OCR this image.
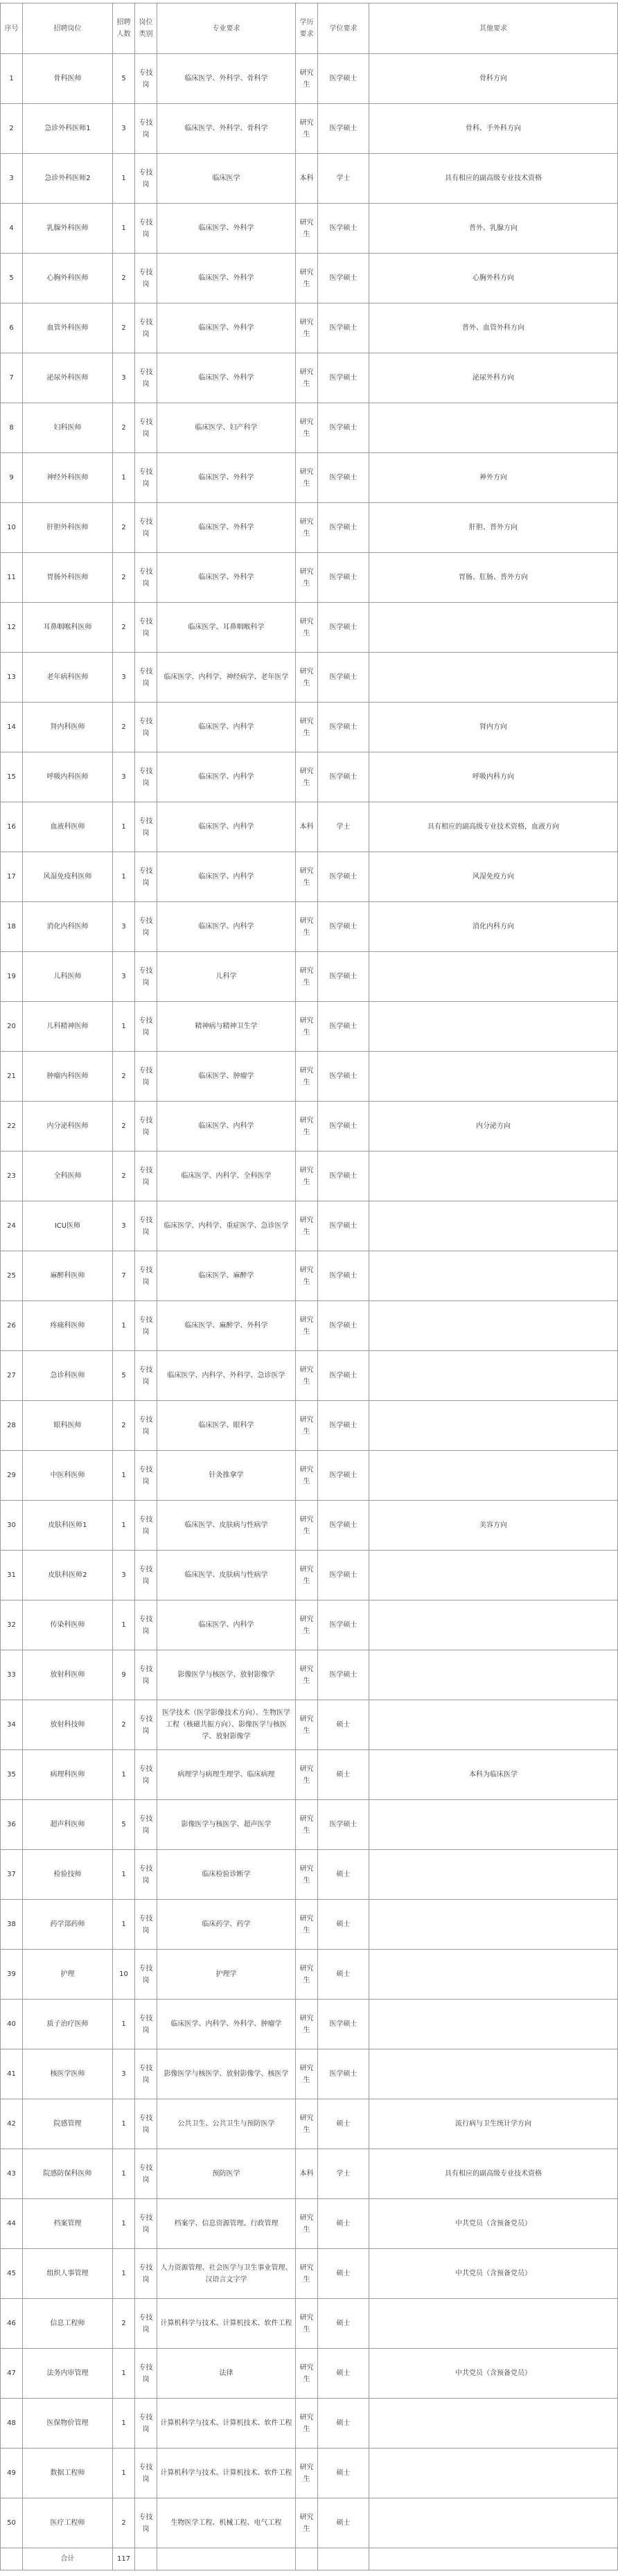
序号	招聘岗位	招聘人数	岗位类别	专业要求	学历要求	学位要求	其他要求
1	骨科医师	5	专技岗	临床医学、外科学、骨科学	研究生	医学硕士	骨科方向
2	急诊外科医师1	3	专技岗	临床医学、外科学、骨科学	研究生	医学硕士	骨科、手外科方向
3	急诊外科医师2	1	专技岗	临床医学	本科	学士	具有相应的副高级专业技术资格
4	乳腺外科医师	1	专技岗	临床医学、外科学	研究生	医学硕士	普外、乳腺方向
5	心胸外科医师	2	专技岗	临床医学、外科学	研究生	医学硕士	心胸外科方向
6	血管外科医师	2	专技岗	临床医学、外科学	研究生	医学硕士	普外、血管外科方向
7	泌尿外科医师	3	专技岗	临床医学、外科学	研究生	医学硕士	泌尿外科方向
8	妇科医师	2	专技岗	临床医学、妇产科学	研究生	医学硕士	
9	神经外科医师	1	专技岗	临床医学、外科学	研究生	医学硕士	神外方向
10	肝胆外科医师	2	专技岗	临床医学、外科学	研究生	医学硕士	肝胆、普外方向
11	胃肠外科医师	2	专技岗	临床医学、外科学	研究生	医学硕士	胃肠、肛肠、普外方向
12	耳鼻咽喉科医师	2	专技岗	临床医学、耳鼻咽喉科学	研究生	医学硕士	
13	老年病科医师	3	专技岗	临床医学、内科学、神经病学、老年医学	研究生	医学硕士	
14	肾内科医师	2	专技岗	临床医学、内科学	研究生	医学硕士	肾内方向
15	呼吸内科医师	3	专技岗	临床医学、内科学	研究生	医学硕士	呼吸内科方向
16	血液科医师	1	专技岗	临床医学、内科学	本科	学士	具有相应的副高级专业技术资格，血液方向
17	风湿免疫科医师	1	专技岗	临床医学、内科学	研究生	医学硕士	风湿免疫方向
18	消化内科医师	3	专技岗	临床医学、内科学	研究生	医学硕士	消化内科方向
19	儿科医师	3	专技岗	儿科学	研究生	医学硕士	
20	儿科精神医师	1	专技岗	精神病与精神卫生学	研究生	医学硕士	
21	肿瘤内科医师	2	专技岗	临床医学、肿瘤学	研究生	医学硕士	
22	内分泌科医师	2	专技岗	临床医学、内科学	研究生	医学硕士	内分泌方向
23	全科医师	2	专技岗	临床医学、内科学、全科医学	研究生	医学硕士	
24	ICU医师	3	专技岗	临床医学、内科学、重症医学、急诊医学	研究生	医学硕士	
25	麻醉科医师	7	专技岗	临床医学、麻醉学	研究生	医学硕士	
26	疼痛科医师	1	专技岗	临床医学、麻醉学、外科学	研究生	医学硕士	
27	急诊科医师	5	专技岗	临床医学、内科学、外科学、急诊医学	研究生	医学硕士	
28	眼科医师	2	专技岗	临床医学、眼科学	研究生	医学硕士	
29	中医科医师	1	专技岗	针灸推拿学	研究生	医学硕士	
30	皮肤科医师1	1	专技岗	临床医学、皮肤病与性病学	研究生	医学硕士	美容方向
31	皮肤科医师2	3	专技岗	临床医学、皮肤病与性病学	研究生	医学硕士	
32	传染科医师	1	专技岗	临床医学、内科学	研究生	医学硕士	
33	放射科医师	9	专技岗	影像医学与核医学、放射影像学	研究生	医学硕士	
34	放射科技师	2	专技岗	医学技术（医学影像技术方向）、生物医学工程（核磁共振方向）、影像医学与核医学、放射影像学	研究生	硕士	
35	病理科医师	1	专技岗	病理学与病理生理学、临床病理	研究生	硕士	本科为临床医学
36	超声科医师	5	专技岗	影像医学与核医学、超声医学	研究生	医学硕士	
37	检验技师	1	专技岗	临床检验诊断学	研究生	硕士	
38	药学部药师	1	专技岗	临床药学、药学	研究生	硕士	
39	护理	10	专技岗	护理学	研究生	硕士	
40	质子治疗医师	1	专技岗	临床医学、内科学、外科学、肿瘤学	研究生	医学硕士	
41	核医学医师	3	专技岗	影像医学与核医学、放射影像学、核医学	研究生	医学硕士	
42	院感管理	1	专技岗	公共卫生、公共卫生与预防医学	研究生	硕士	流行病与卫生统计学方向
43	院感防保科医师	1	专技岗	预防医学	本科	学士	具有相应的副高级专业技术资格
44	档案管理	1	专技岗	档案学、信息资源管理、行政管理	研究生	硕士	中共党员（含预备党员）
45	组织人事管理	1	专技岗	人力资源管理、社会医学与卫生事业管理、汉语言文字学	研究生	硕士	中共党员（含预备党员）
46	信息工程师	2	专技岗	计算机科学与技术、计算机技术、软件工程	研究生	硕士	
47	法务内审管理	1	专技岗	法律	研究生	硕士	中共党员（含预备党员）
48	医保物价管理	1	专技岗	计算机科学与技术、计算机技术、软件工程	研究生	硕士	
49	数据工程师	1	专技岗	计算机科学与技术、计算机技术、软件工程	研究生	硕士	
50	医疗工程师	2	专技岗	生物医学工程、机械工程、电气工程	研究生	硕士	
	合计	117					
